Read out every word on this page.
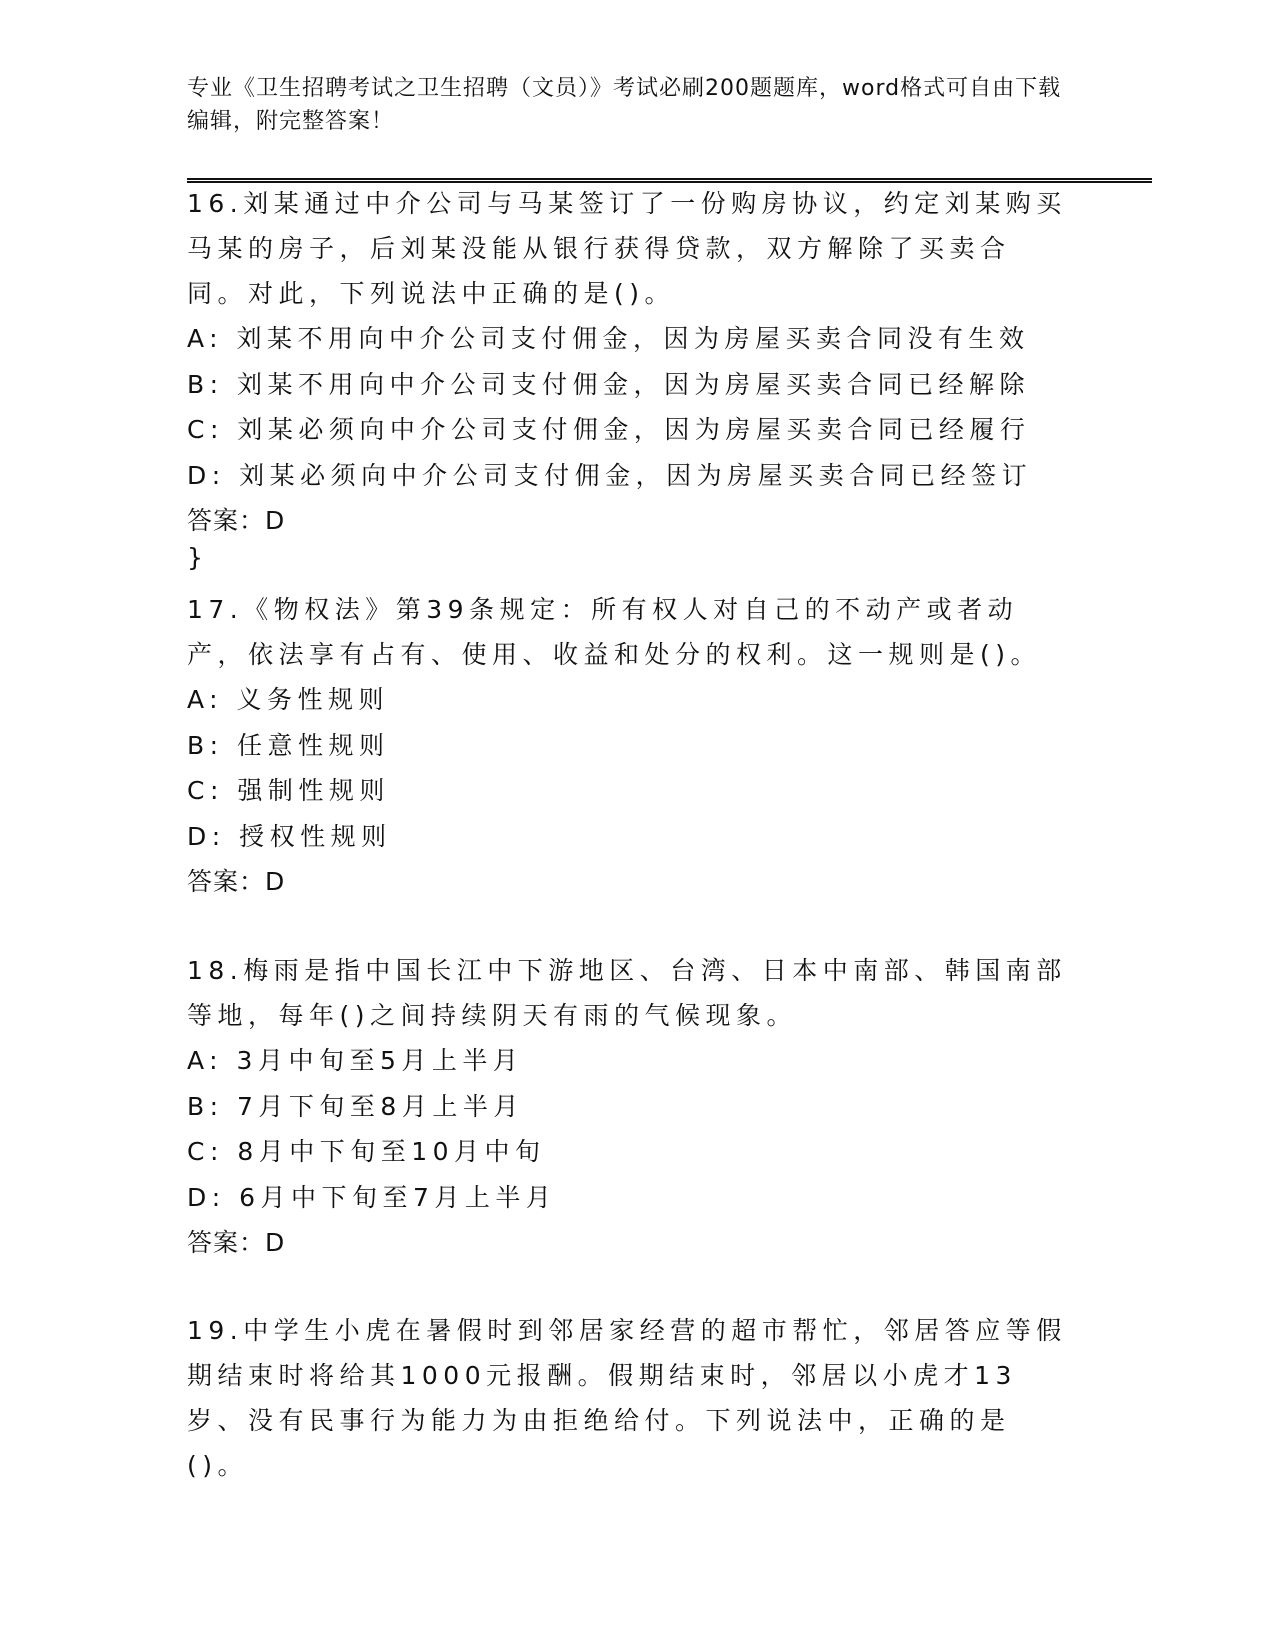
专业《卫生招聘考试之卫生招聘（文员）》考试必刷200题题库，word格式可自由下载编辑，附完整答案！
16.刘某通过中介公司与马某签订了一份购房协议，约定刘某购买马某的房子，后刘某没能从银行获得贷款，双方解除了买卖合同。对此，下列说法中正确的是()。
A: 刘某不用向中介公司支付佣金，因为房屋买卖合同没有生效
B: 刘某不用向中介公司支付佣金，因为房屋买卖合同已经解除
C: 刘某必须向中介公司支付佣金，因为房屋买卖合同已经履行
D: 刘某必须向中介公司支付佣金，因为房屋买卖合同已经签订
答案：D
}
17.《物权法》第39条规定：所有权人对自己的不动产或者动产，依法享有占有、使用、收益和处分的权利。这一规则是()。
A: 义务性规则
B: 任意性规则
C: 强制性规则
D: 授权性规则
答案：D
18.梅雨是指中国长江中下游地区、台湾、日本中南部、韩国南部等地，每年()之间持续阴天有雨的气候现象。
A: 3月中旬至5月上半月
B: 7月下旬至8月上半月
C: 8月中下旬至10月中旬
D: 6月中下旬至7月上半月
答案：D
19.中学生小虎在暑假时到邻居家经营的超市帮忙，邻居答应等假期结束时将给其1000元报酬。假期结束时，邻居以小虎才13岁、没有民事行为能力为由拒绝给付。下列说法中，正确的是()。
